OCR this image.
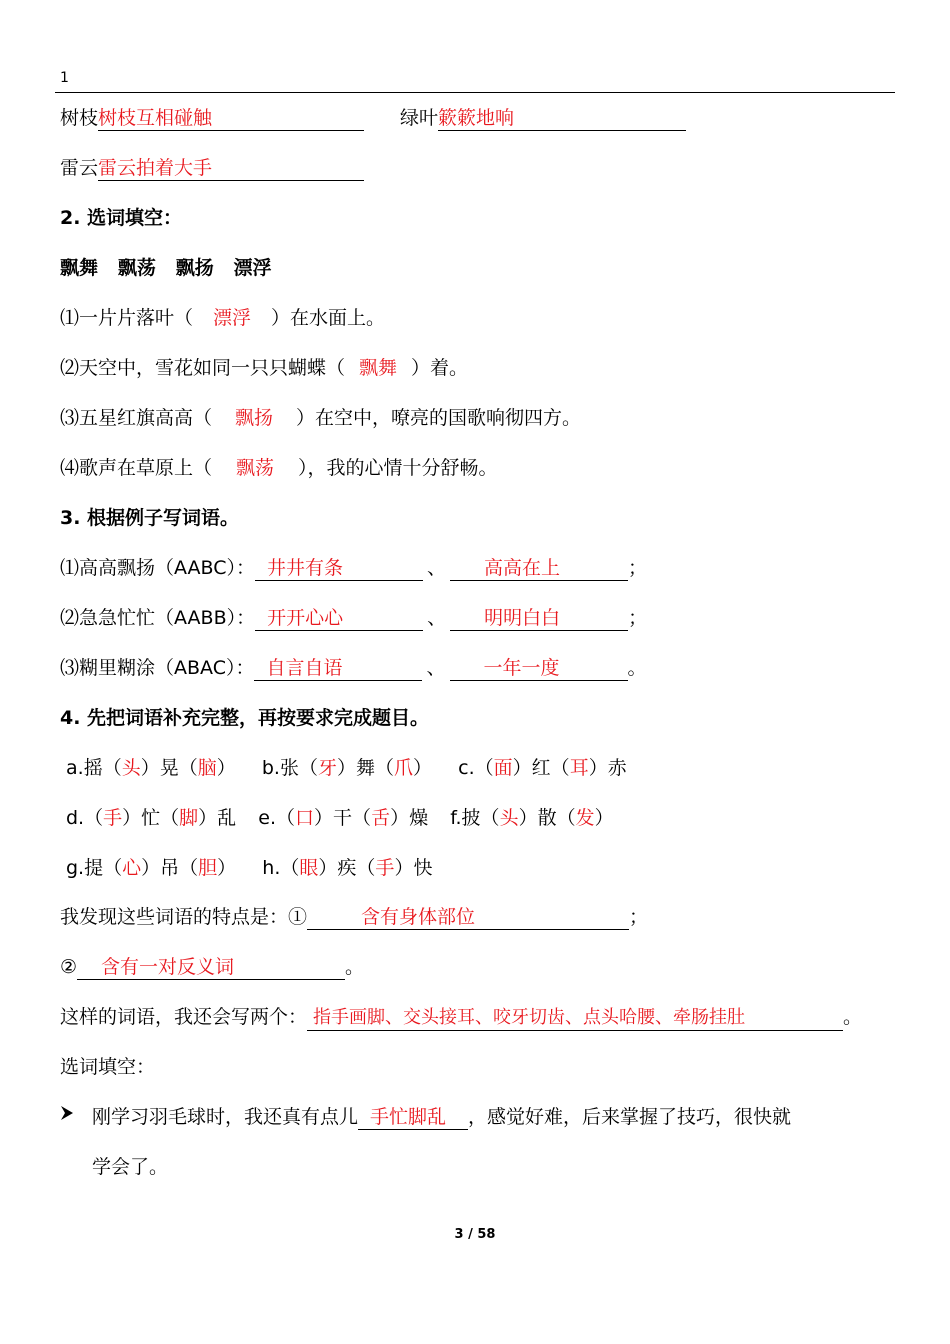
1
树枝树枝互相碰触	绿叶簌簌地响
雷云雷云拍着大手
2. 选词填空：
飘舞   飘荡   飘扬   漂浮
⑴一片片落叶（ 漂浮 ）在水面上。
⑵天空中，雪花如同一只只蝴蝶（ 飘舞 ）着。
⑶五星红旗高高（ 飘扬 ）在空中，嘹亮的国歌响彻四方。
⑷歌声在草原上（ 飘荡 ），我的心情十分舒畅。
3. 根据例子写词语。
⑴高高飘扬（AABC）： 井井有条	、 高高在上	；
⑵急急忙忙（AABB）： 开开心心	、 明明白白	；
⑶糊里糊涂（ABAC）： 自言自语	、 一年一度	。
4. 先把词语补充完整，再按要求完成题目。
a.摇（头）晃（脑） b.张（牙）舞（爪） c.（面）红（耳）赤
d.（手）忙（脚）乱 e.（口）干（舌）燥 f.披（头）散（发）
g.提（心）吊（胆） h.（眼）疾（手）快
我发现这些词语的特点是：①	含有身体部位	；
② 含有一对反义词	。
这样的词语，我还会写两个： 指手画脚、交头接耳、咬牙切齿、点头哈腰、牵肠挂肚	。
选词填空：
刚学习羽毛球时，我还真有点儿 手忙脚乱 ，感觉好难，后来掌握了技巧，很快就
学会了。
3 / 58
